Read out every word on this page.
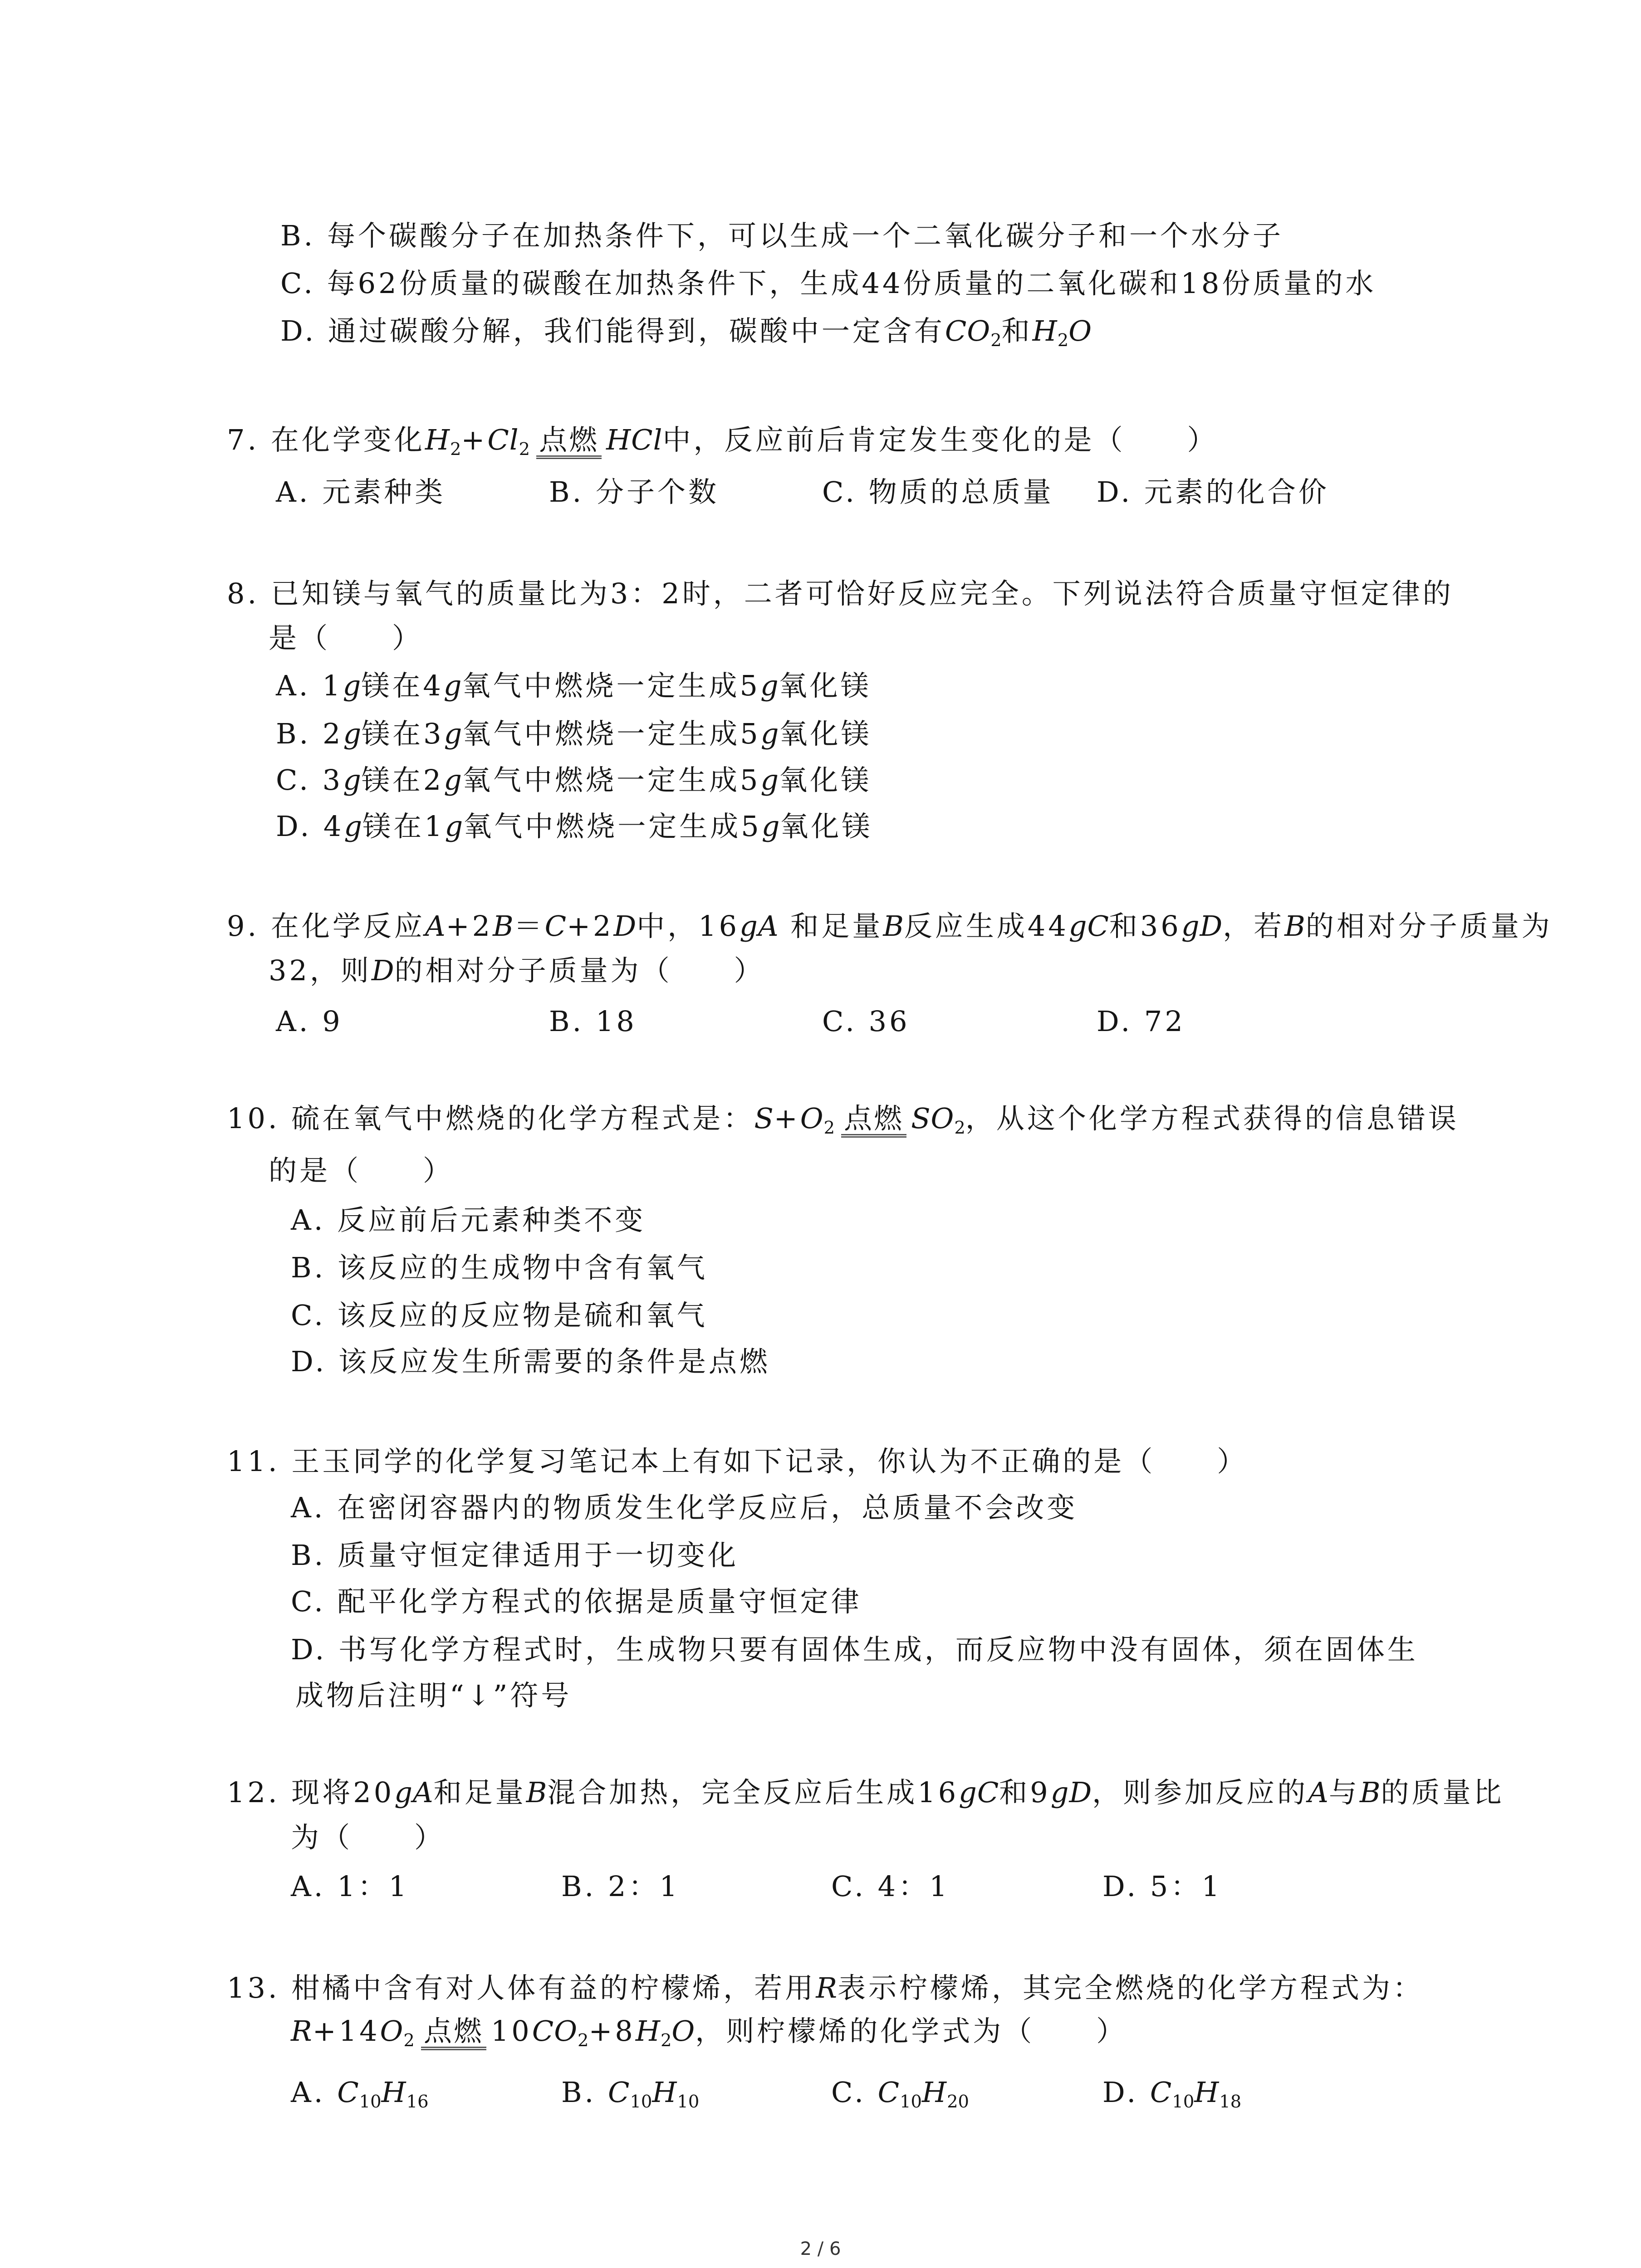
2 / 6
B. 每个碳酸分子在加热条件下，可以生成一个二氧化碳分子和一个水分子
C. 每62份质量的碳酸在加热条件下，生成44份质量的二氧化碳和18份质量的水
D. 通过碳酸分解，我们能得到，碳酸中一定含有CO2和H2O
7. 在化学变化H2+Cl2 点燃 HCl中，反应前后肯定发生变化的是（　　）
A. 元素种类	B. 分子个数	C. 物质的总质量 D. 元素的化合价
8. 已知镁与氧气的质量比为3：2时，二者可恰好反应完全。下列说法符合质量守恒定律的
是（　　）
A. 1g镁在4g氧气中燃烧一定生成5g氧化镁
B. 2g镁在3g氧气中燃烧一定生成5g氧化镁
C. 3g镁在2g氧气中燃烧一定生成5g氧化镁
D. 4g镁在1g氧气中燃烧一定生成5g氧化镁
9. 在化学反应A+2B＝C+2D中，16gA 和足量B反应生成44gC和36gD，若B的相对分子质量为
32，则D的相对分子质量为（　　）
A. 9	B. 18	C. 36	D. 72
10. 硫在氧气中燃烧的化学方程式是：S+O2 点燃 SO2，从这个化学方程式获得的信息错误
的是（　　）
A. 反应前后元素种类不变
B. 该反应的生成物中含有氧气
C. 该反应的反应物是硫和氧气
D. 该反应发生所需要的条件是点燃
11. 王玉同学的化学复习笔记本上有如下记录，你认为不正确的是（　　）
A. 在密闭容器内的物质发生化学反应后，总质量不会改变
B. 质量守恒定律适用于一切变化
C. 配平化学方程式的依据是质量守恒定律
D. 书写化学方程式时，生成物只要有固体生成，而反应物中没有固体，须在固体生
成物后注明“↓”符号
12. 现将20gA和足量B混合加热，完全反应后生成16gC和9gD，则参加反应的A与B的质量比
为（　　）
A. 1：1	B. 2：1	C. 4：1	D. 5：1
13. 柑橘中含有对人体有益的柠檬烯，若用R表示柠檬烯，其完全燃烧的化学方程式为：
R+14O2 点燃 10CO2+8H2O，则柠檬烯的化学式为（　　）
A. C10H16	B. C10H10	C. C10H20	D. C10H18
